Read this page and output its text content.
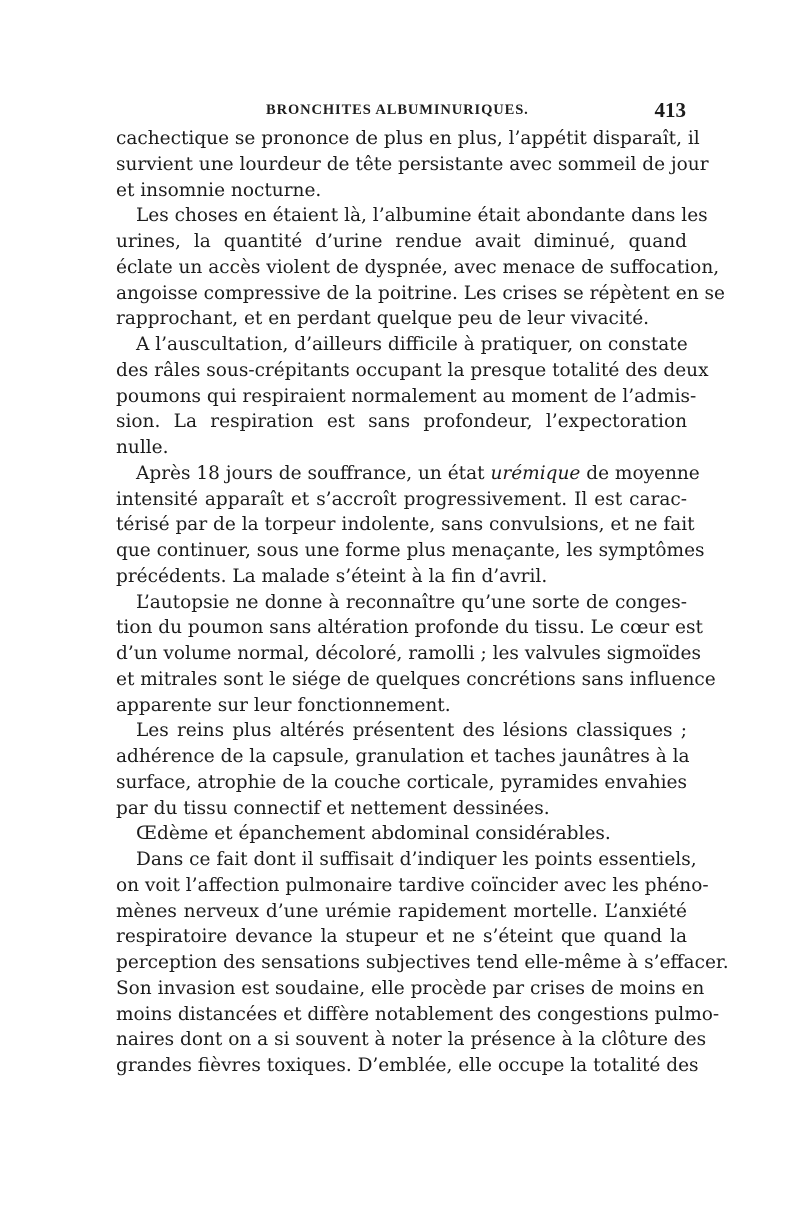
BRONCHITES ALBUMINURIQUES.	413
cachectique se prononce de plus en plus, l’appétit disparaît, il
survient une lourdeur de tête persistante avec sommeil de jour
et insomnie nocturne.
Les choses en étaient là, l’albumine était abondante dans les
urines, la quantité d’urine rendue avait diminué, quand
éclate un accès violent de dyspnée, avec menace de suffocation,
angoisse compressive de la poitrine. Les crises se répètent en se
rapprochant, et en perdant quelque peu de leur vivacité.
A l’auscultation, d’ailleurs difficile à pratiquer, on constate
des râles sous-crépitants occupant la presque totalité des deux
poumons qui respiraient normalement au moment de l’admis-
sion. La respiration est sans profondeur, l’expectoration
nulle.
Après 18 jours de souffrance, un état urémique de moyenne
intensité apparaît et s’accroît progressivement. Il est carac-
térisé par de la torpeur indolente, sans convulsions, et ne fait
que continuer, sous une forme plus menaçante, les symptômes
précédents. La malade s’éteint à la fin d’avril.
L’autopsie ne donne à reconnaître qu’une sorte de conges-
tion du poumon sans altération profonde du tissu. Le cœur est
d’un volume normal, décoloré, ramolli ; les valvules sigmoïdes
et mitrales sont le siége de quelques concrétions sans influence
apparente sur leur fonctionnement.
Les reins plus altérés présentent des lésions classiques ;
adhérence de la capsule, granulation et taches jaunâtres à la
surface, atrophie de la couche corticale, pyramides envahies
par du tissu connectif et nettement dessinées.
Œdème et épanchement abdominal considérables.
Dans ce fait dont il suffisait d’indiquer les points essentiels,
on voit l’affection pulmonaire tardive coïncider avec les phéno-
mènes nerveux d’une urémie rapidement mortelle. L’anxiété
respiratoire devance la stupeur et ne s’éteint que quand la
perception des sensations subjectives tend elle-même à s’effacer.
Son invasion est soudaine, elle procède par crises de moins en
moins distancées et diffère notablement des congestions pulmo-
naires dont on a si souvent à noter la présence à la clôture des
grandes fièvres toxiques. D’emblée, elle occupe la totalité des
